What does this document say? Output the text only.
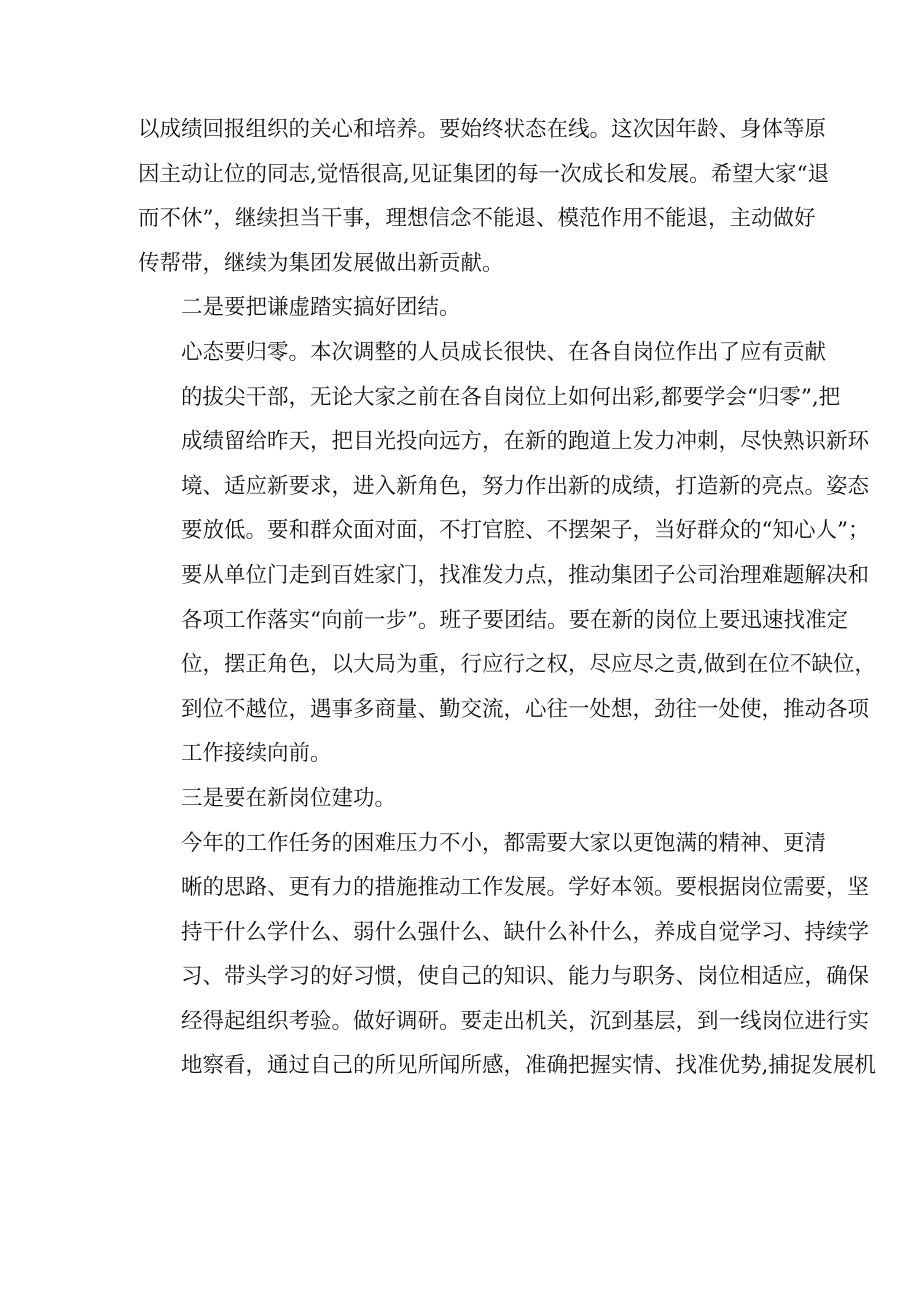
以成绩回报组织的关心和培养。要始终状态在线。这次因年龄、身体等原
因主动让位的同志,觉悟很高,见证集团的每一次成长和发展。希望大家“退
而不休”，继续担当干事，理想信念不能退、模范作用不能退，主动做好
传帮带，继续为集团发展做出新贡献。

二是要把谦虚踏实搞好团结。

心态要归零。本次调整的人员成长很快、在各自岗位作出了应有贡献
的拔尖干部，无论大家之前在各自岗位上如何出彩,都要学会“归零”,把
成绩留给昨天，把目光投向远方，在新的跑道上发力冲刺，尽快熟识新环
境、适应新要求，进入新角色，努力作出新的成绩，打造新的亮点。姿态
要放低。要和群众面对面，不打官腔、不摆架子，当好群众的“知心人”；
要从单位门走到百姓家门，找准发力点，推动集团子公司治理难题解决和
各项工作落实“向前一步”。班子要团结。要在新的岗位上要迅速找准定
位，摆正角色，以大局为重，行应行之权，尽应尽之责,做到在位不缺位，
到位不越位，遇事多商量、勤交流，心往一处想，劲往一处使，推动各项
工作接续向前。

三是要在新岗位建功。

今年的工作任务的困难压力不小，都需要大家以更饱满的精神、更清
晰的思路、更有力的措施推动工作发展。学好本领。要根据岗位需要，坚
持干什么学什么、弱什么强什么、缺什么补什么，养成自觉学习、持续学
习、带头学习的好习惯，使自己的知识、能力与职务、岗位相适应，确保
经得起组织考验。做好调研。要走出机关，沉到基层，到一线岗位进行实
地察看，通过自己的所见所闻所感，准确把握实情、找准优势,捕捉发展机
